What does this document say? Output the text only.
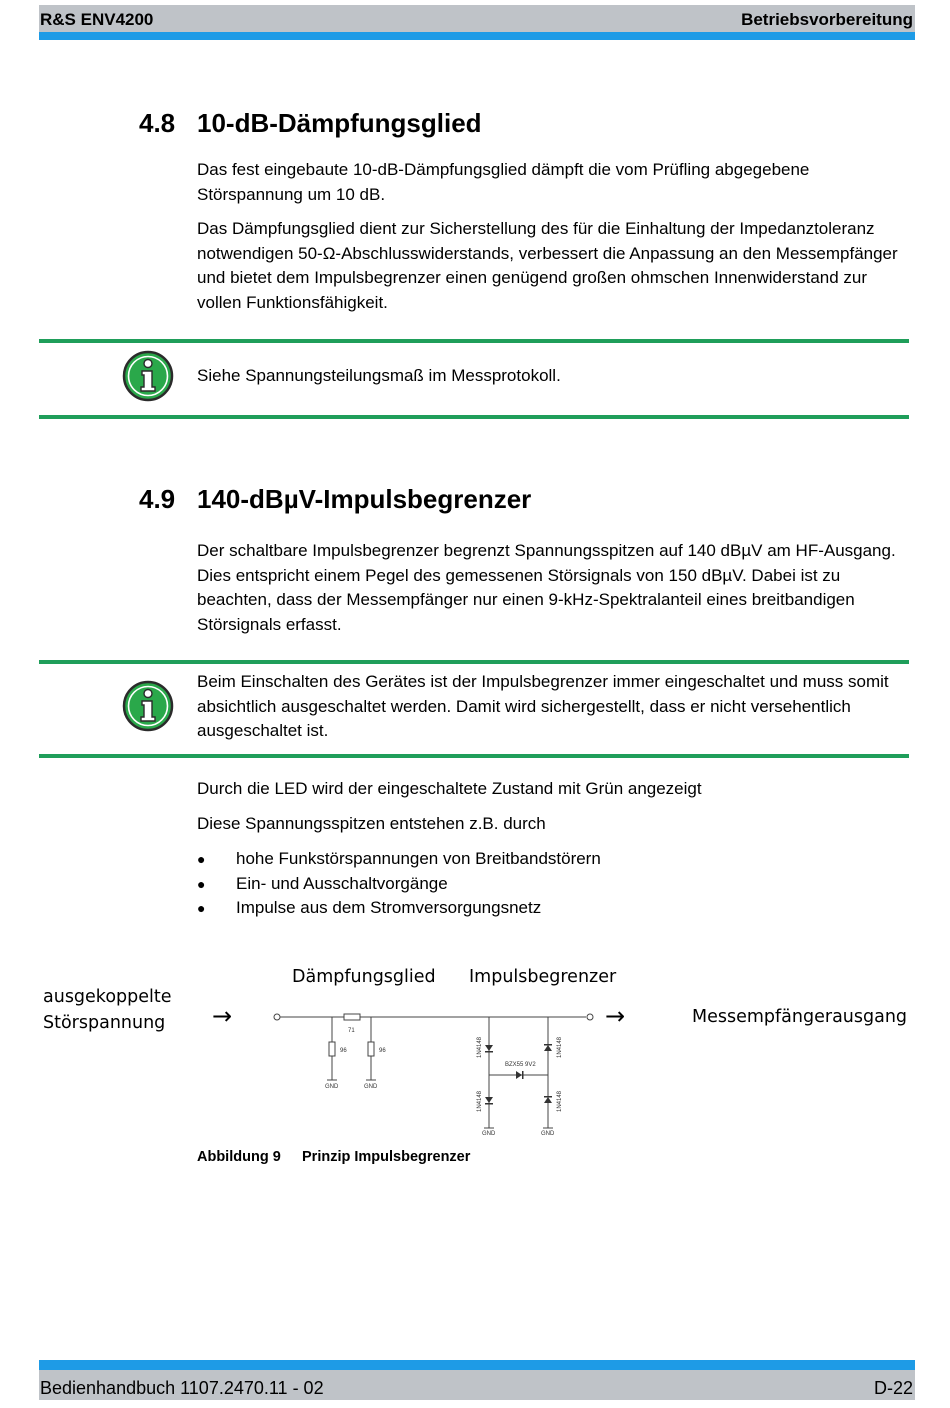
R&S ENV4200	Betriebsvorbereitung
4.8 10-dB-Dämpfungsglied
Das fest eingebaute 10-dB-Dämpfungsglied dämpft die vom Prüfling abgegebene Störspannung um 10 dB.
Das Dämpfungsglied dient zur Sicherstellung des für die Einhaltung der Impedanztoleranz notwendigen 50-Ω-Abschlusswiderstands, verbessert die Anpassung an den Messempfänger und bietet dem Impulsbegrenzer einen genügend großen ohmschen Innenwiderstand zur vollen Funktionsfähigkeit.
Siehe Spannungsteilungsmaß im Messprotokoll.
4.9 140-dBµV-Impulsbegrenzer
Der schaltbare Impulsbegrenzer begrenzt Spannungsspitzen auf 140 dBµV am HF-Ausgang. Dies entspricht einem Pegel des gemessenen Störsignals von 150 dBµV. Dabei ist zu beachten, dass der Messempfänger nur einen 9-kHz-Spektralanteil eines breitbandigen Störsignals erfasst.
Beim Einschalten des Gerätes ist der Impulsbegrenzer immer eingeschaltet und muss somit absichtlich ausgeschaltet werden. Damit wird sichergestellt, dass er nicht versehentlich ausgeschaltet ist.
Durch die LED wird der eingeschaltete Zustand mit Grün angezeigt
Diese Spannungsspitzen entstehen z.B. durch
● hohe Funkstörspannungen von Breitbandstörern
● Ein- und Ausschaltvorgänge
● Impulse aus dem Stromversorgungsnetz
ausgekoppelte
Störspannung
Dämpfungsglied Impulsbegrenzer
Messempfängerausgang
→	→
71
96	96
GND	GND
GND	GND
BZX55 9V2
1N4148	1N4148
1N4148	1N4148
Abbildung 9 Prinzip Impulsbegrenzer
Bedienhandbuch 1107.2470.11 - 02	D-22
